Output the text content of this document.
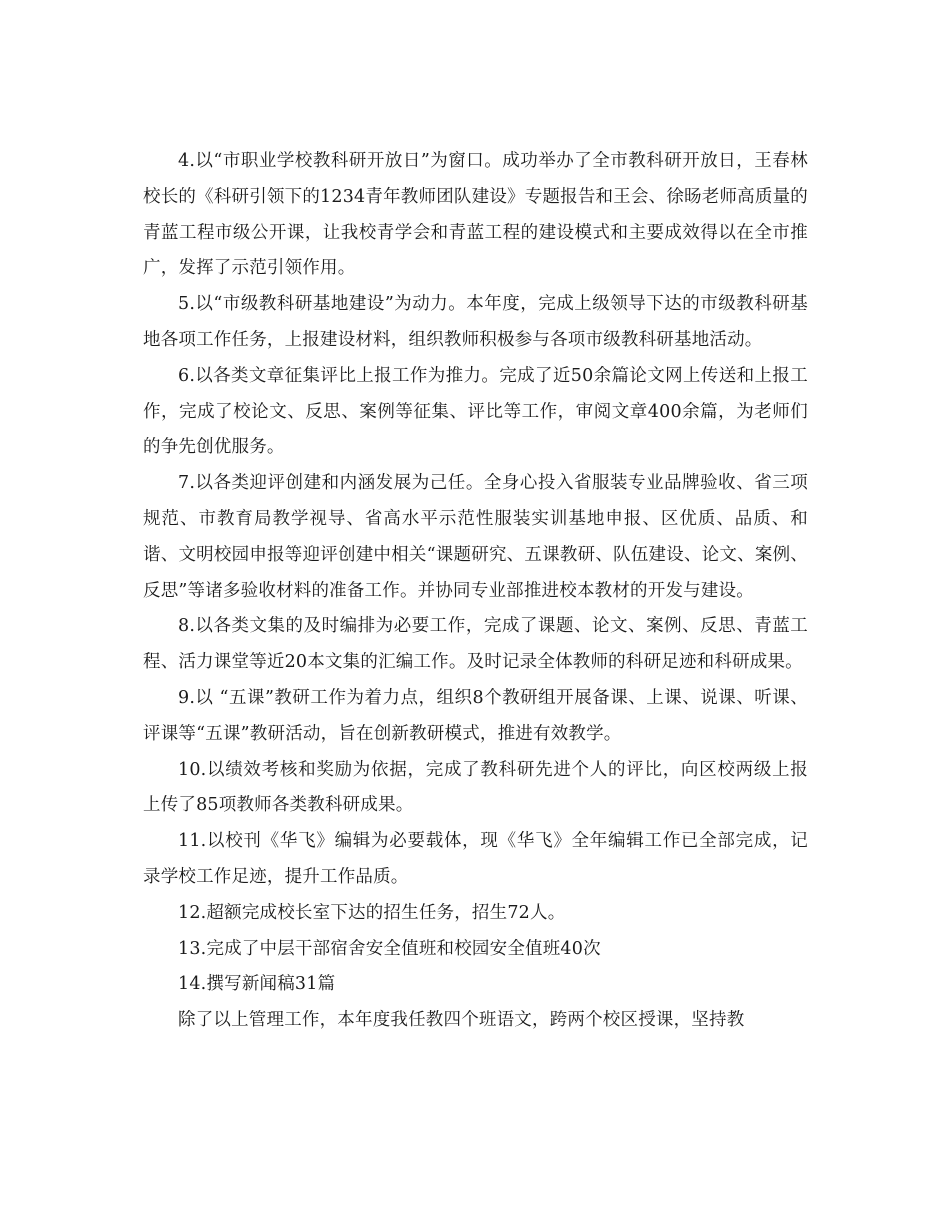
4.以“市职业学校教科研开放日”为窗口。成功举办了全市教科研开放日，王春林校长的《科研引领下的1234青年教师团队建设》专题报告和王会、徐旸老师高质量的青蓝工程市级公开课，让我校青学会和青蓝工程的建设模式和主要成效得以在全市推广，发挥了示范引领作用。

5.以“市级教科研基地建设”为动力。本年度，完成上级领导下达的市级教科研基地各项工作任务，上报建设材料，组织教师积极参与各项市级教科研基地活动。

6.以各类文章征集评比上报工作为推力。完成了近50余篇论文网上传送和上报工作，完成了校论文、反思、案例等征集、评比等工作，审阅文章400余篇，为老师们的争先创优服务。

7.以各类迎评创建和内涵发展为己任。全身心投入省服装专业品牌验收、省三项规范、市教育局教学视导、省高水平示范性服装实训基地申报、区优质、品质、和谐、文明校园申报等迎评创建中相关“课题研究、五课教研、队伍建设、论文、案例、反思”等诸多验收材料的准备工作。并协同专业部推进校本教材的开发与建设。

8.以各类文集的及时编排为必要工作，完成了课题、论文、案例、反思、青蓝工程、活力课堂等近20本文集的汇编工作。及时记录全体教师的科研足迹和科研成果。

9.以 “五课”教研工作为着力点，组织8个教研组开展备课、上课、说课、听课、评课等“五课”教研活动，旨在创新教研模式，推进有效教学。

10.以绩效考核和奖励为依据，完成了教科研先进个人的评比，向区校两级上报上传了85项教师各类教科研成果。

11.以校刊《华飞》编辑为必要载体，现《华飞》全年编辑工作已全部完成，记录学校工作足迹，提升工作品质。

12.超额完成校长室下达的招生任务，招生72人。

13.完成了中层干部宿舍安全值班和校园安全值班40次

14.撰写新闻稿31篇

除了以上管理工作，本年度我任教四个班语文，跨两个校区授课，坚持教
